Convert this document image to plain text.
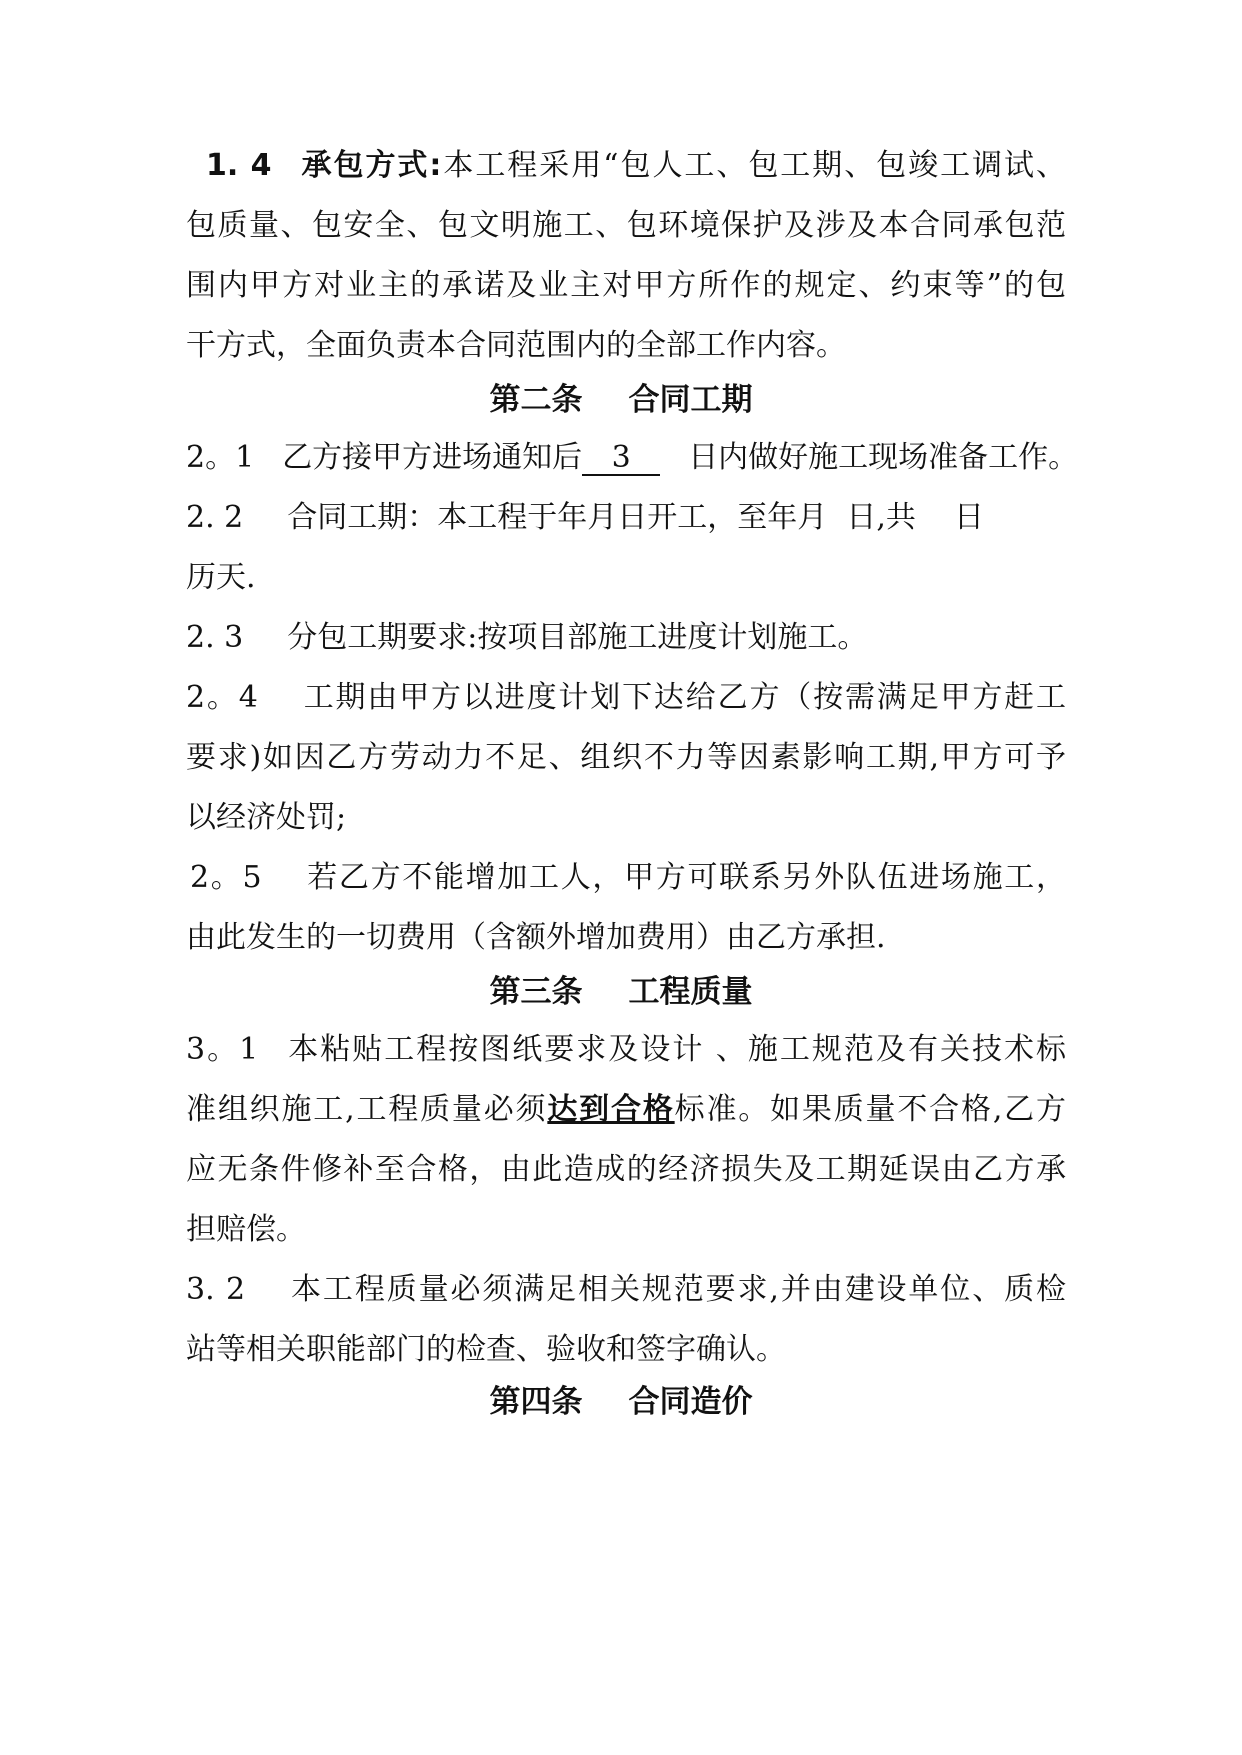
1. 4 承包方式:本工程采用“包人工、包工期、包竣工调试、
包质量、包安全、包文明施工、包环境保护及涉及本合同承包范
围内甲方对业主的承诺及业主对甲方所作的规定、约束等”的包
干方式，全面负责本合同范围内的全部工作内容。
第二条 合同工期
2。1 乙方接甲方进场通知后 3 日内做好施工现场准备工作。
2. 2 合同工期：本工程于年月日开工，至年月  日,共    日
历天.
2. 3 分包工期要求:按项目部施工进度计划施工。
2。4 工期由甲方以进度计划下达给乙方（按需满足甲方赶工
要求)如因乙方劳动力不足、组织不力等因素影响工期,甲方可予
以经济处罚;
2。5 若乙方不能增加工人，甲方可联系另外队伍进场施工，
由此发生的一切费用（含额外增加费用）由乙方承担.
第三条 工程质量
3。1 本粘贴工程按图纸要求及设计 、施工规范及有关技术标
准组织施工,工程质量必须达到合格标准。如果质量不合格,乙方
应无条件修补至合格，由此造成的经济损失及工期延误由乙方承
担赔偿。
3. 2 本工程质量必须满足相关规范要求,并由建设单位、质检
站等相关职能部门的检查、验收和签字确认。
第四条 合同造价
